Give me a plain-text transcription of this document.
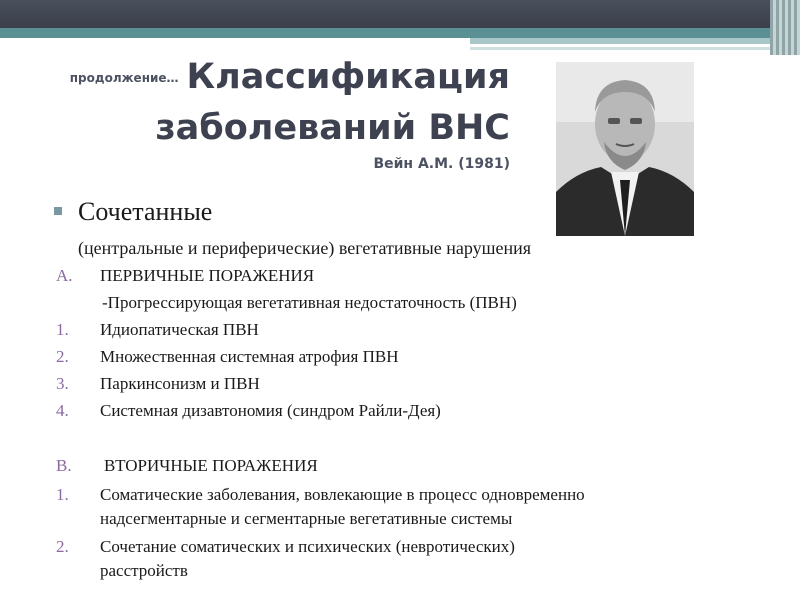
продолжение… Классификация
заболеваний ВНС
Вейн А.М. (1981)
Сочетанные
(центральные и периферические) вегетативные нарушения
A. ПЕРВИЧНЫЕ ПОРАЖЕНИЯ
-Прогрессирующая вегетативная недостаточность (ПВН)
1. Идиопатическая ПВН
2. Множественная системная атрофия ПВН
3. Паркинсонизм и ПВН
4. Системная дизавтономия (синдром Райли-Дея)
B. ВТОРИЧНЫЕ ПОРАЖЕНИЯ
1. Соматические заболевания, вовлекающие в процесс одновременно
надсегментарные и сегментарные вегетативные системы
2. Сочетание соматических и психических (невротических)
расстройств
